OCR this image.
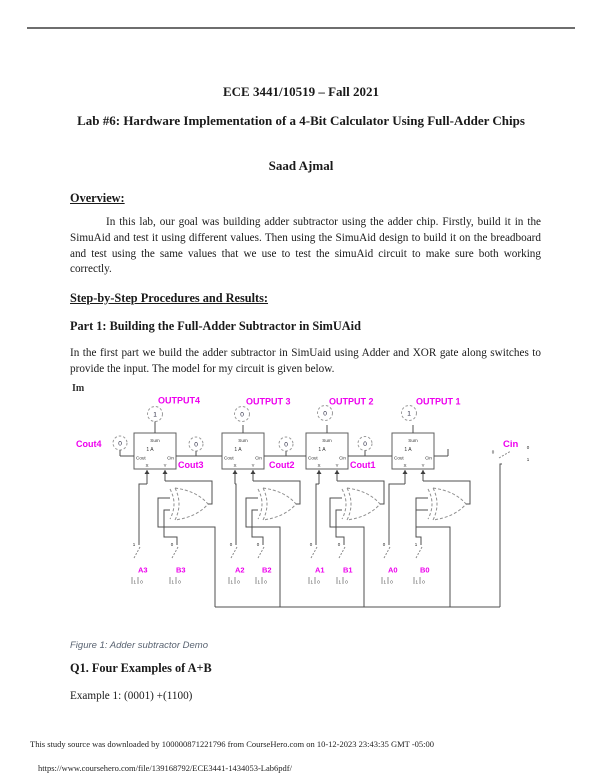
ECE 3441/10519 – Fall 2021
Lab #6: Hardware Implementation of a 4-Bit Calculator Using Full-Adder Chips
Saad Ajmal
Overview:
In this lab, our goal was building adder subtractor using the adder chip. Firstly, build it in the SimuAid and test it using different values. Then using the SimuAid design to build it on the breadboard and test using the same values that we use to test the simuAid circuit to make sure both working correctly.
Step-by-Step Procedures and Results:
Part 1: Building the Full-Adder Subtractor in SimUAid
In the first part we build the adder subtractor in SimUaid using Adder and XOR gate along switches to provide the input. The model for my circuit is given below.
Im
OUTPUT4	OUTPUT 3	OUTPUT 2	OUTPUT 1
1	0	0	1
Cout4	0	0
Cout3
0
Cout2
0
Cout1
Cin
0
0
1
Sum
1 A
Cout	Cin
X	Y
Sum
1 A
Cout	Cin
X	Y
Sum
1 A
Cout	Cin
X	Y
Sum
1 A
Cout	Cin
X	Y
1
A3
1 0
0
B3
1 0
0
A2
1 0
0
B2
1 0
0
A1
1 0
0
B1
1 0
0
A0
1 0
1
B0
1 0
Figure 1: Adder subtractor Demo
Q1. Four Examples of A+B
Example 1: (0001) +(1100)
This study source was downloaded by 100000871221796 from CourseHero.com on 10-12-2023 23:43:35 GMT -05:00
https://www.coursehero.com/file/139168792/ECE3441-1434053-Lab6pdf/
